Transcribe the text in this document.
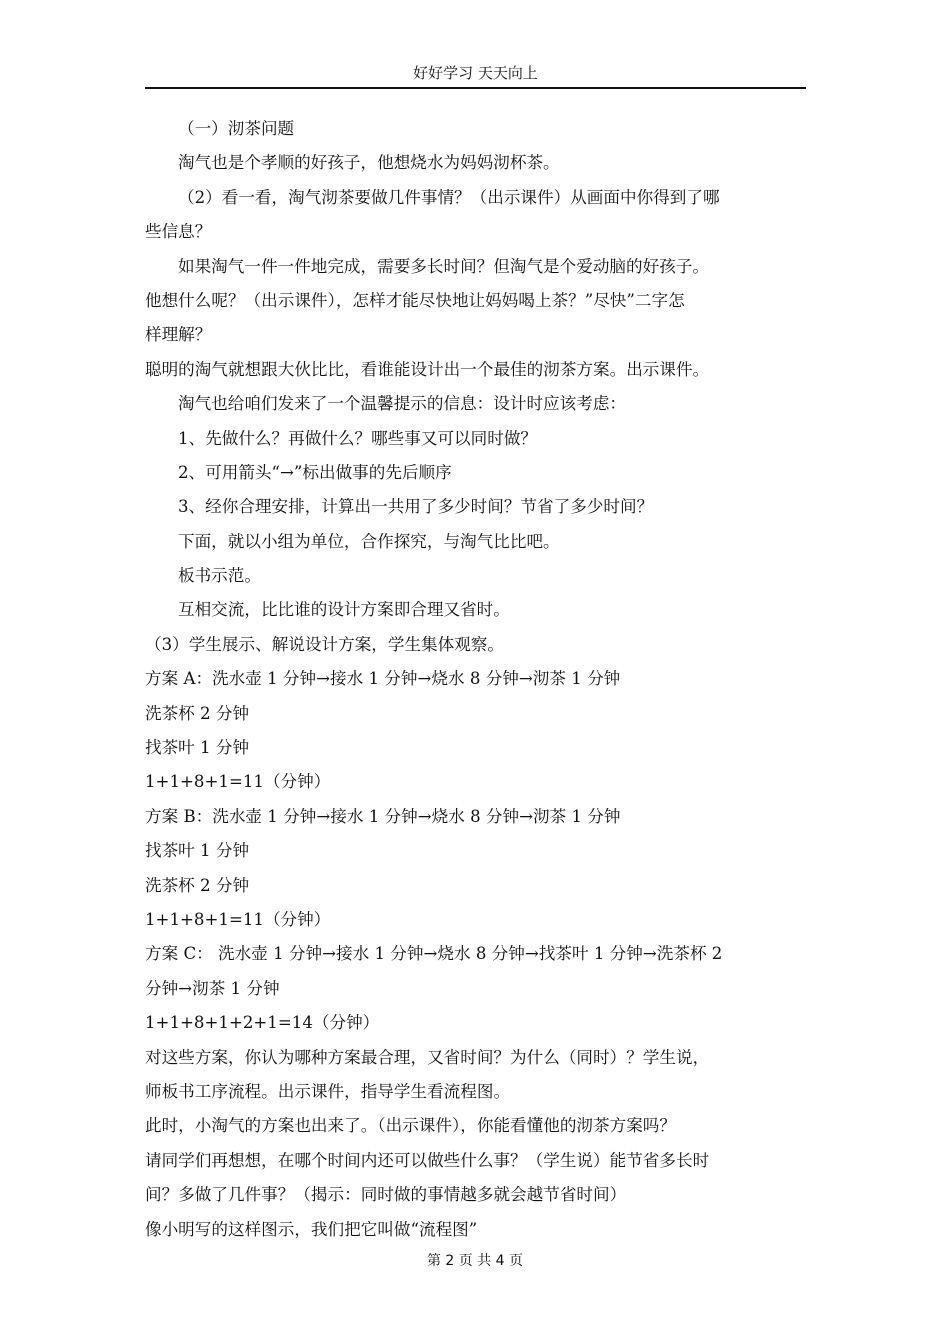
好好学习 天天向上
（一）沏茶问题
淘气也是个孝顺的好孩子，他想烧水为妈妈沏杯茶。
（2）看一看，淘气沏茶要做几件事情？（出示课件）从画面中你得到了哪
些信息？
如果淘气一件一件地完成，需要多长时间？但淘气是个爱动脑的好孩子。
他想什么呢？（出示课件），怎样才能尽快地让妈妈喝上茶？”尽快”二字怎
样理解？
聪明的淘气就想跟大伙比比，看谁能设计出一个最佳的沏茶方案。出示课件。
淘气也给咱们发来了一个温馨提示的信息：设计时应该考虑：
1、先做什么？再做什么？哪些事又可以同时做？
2、可用箭头“→”标出做事的先后顺序
3、经你合理安排，计算出一共用了多少时间？节省了多少时间？
下面，就以小组为单位，合作探究，与淘气比比吧。
板书示范。
互相交流，比比谁的设计方案即合理又省时。
（3）学生展示、解说设计方案，学生集体观察。
方案 A：洗水壶 1 分钟→接水 1 分钟→烧水 8 分钟→沏茶 1 分钟
洗茶杯 2 分钟
找茶叶 1 分钟
1+1+8+1=11（分钟）
方案 B：洗水壶 1 分钟→接水 1 分钟→烧水 8 分钟→沏茶 1 分钟
找茶叶 1 分钟
洗茶杯 2 分钟
1+1+8+1=11（分钟）
方案 C： 洗水壶 1 分钟→接水 1 分钟→烧水 8 分钟→找茶叶 1 分钟→洗茶杯 2
分钟→沏茶 1 分钟
1+1+8+1+2+1=14（分钟）
对这些方案，你认为哪种方案最合理，又省时间？为什么（同时）？学生说，
师板书工序流程。出示课件，指导学生看流程图。
此时，小淘气的方案也出来了。（出示课件），你能看懂他的沏茶方案吗？
请同学们再想想，在哪个时间内还可以做些什么事？（学生说）能节省多长时
间？多做了几件事？（揭示：同时做的事情越多就会越节省时间）
像小明写的这样图示，我们把它叫做“流程图”
第 2 页 共 4 页
